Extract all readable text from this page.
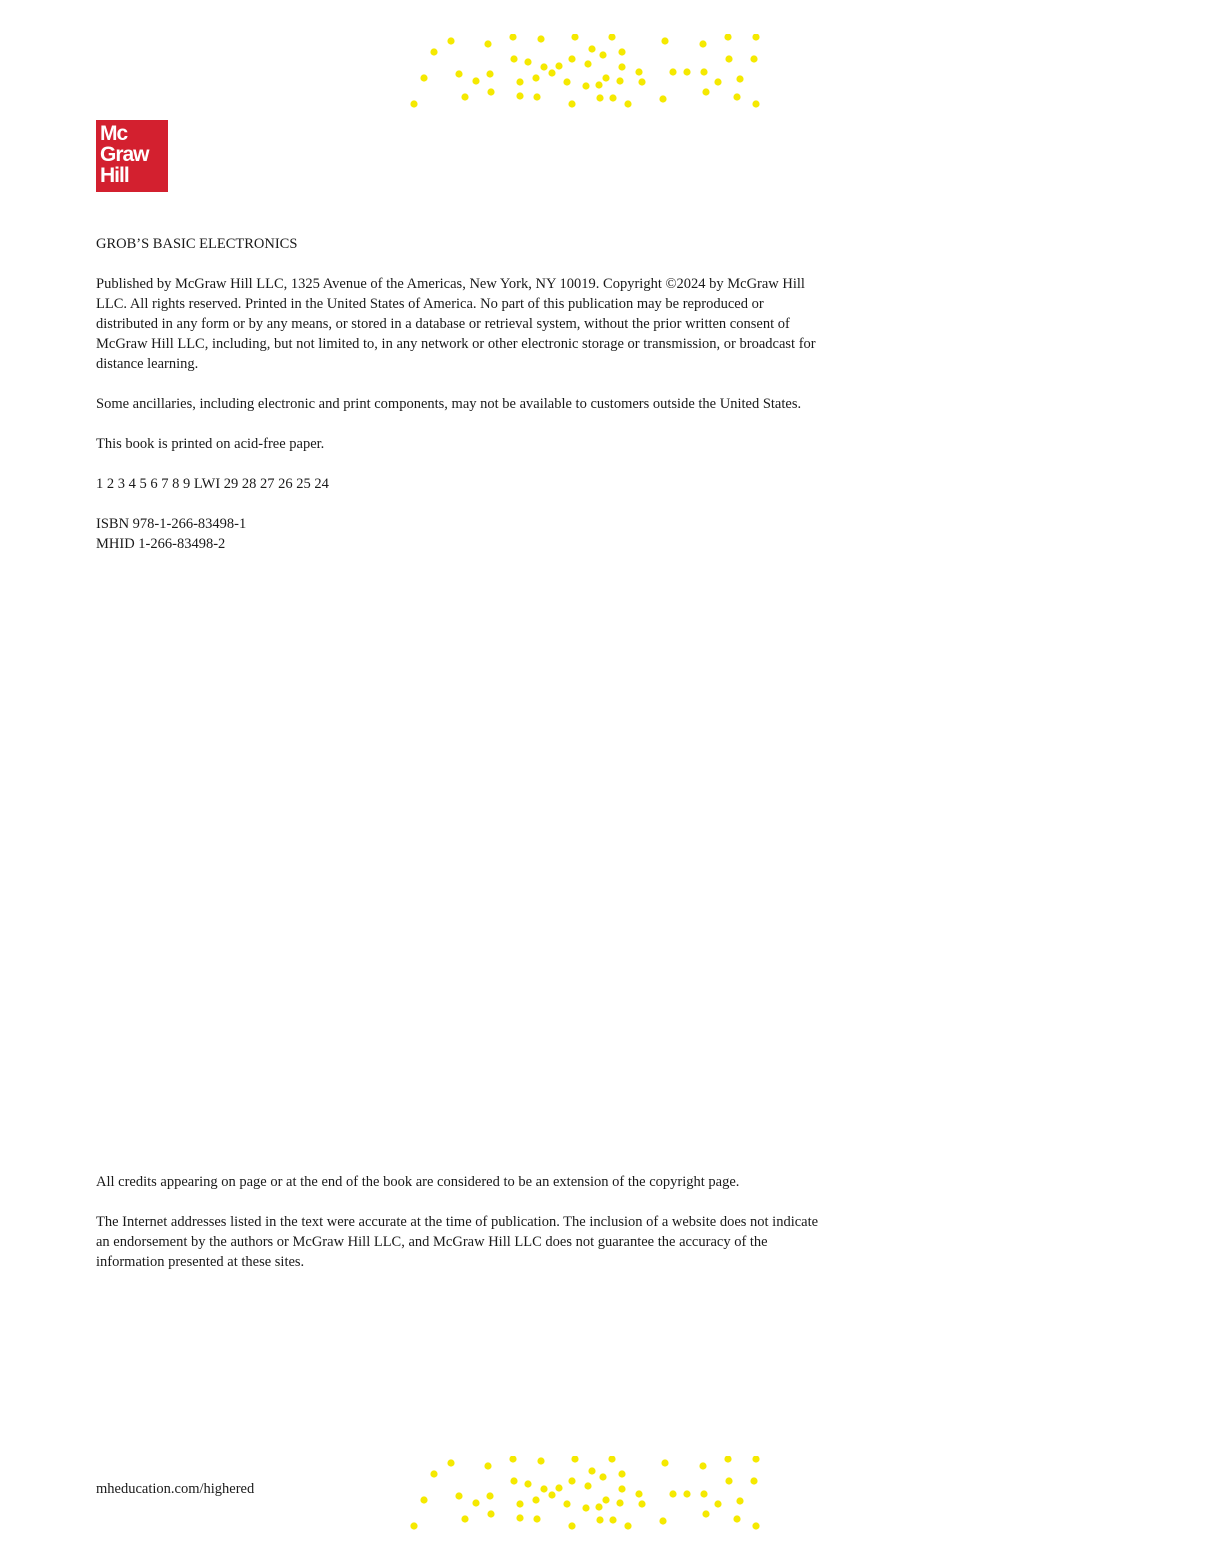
Mc
Graw
Hill

GROB’S BASIC ELECTRONICS

Published by McGraw Hill LLC, 1325 Avenue of the Americas, New York, NY 10019. Copyright ©2024 by McGraw Hill LLC. All rights reserved. Printed in the United States of America. No part of this publication may be reproduced or distributed in any form or by any means, or stored in a database or retrieval system, without the prior written consent of McGraw Hill LLC, including, but not limited to, in any network or other electronic storage or transmission, or broadcast for distance learning.

Some ancillaries, including electronic and print components, may not be available to customers outside the United States.

This book is printed on acid-free paper.

1 2 3 4 5 6 7 8 9 LWI 29 28 27 26 25 24

ISBN 978-1-266-83498-1

MHID 1-266-83498-2

All credits appearing on page or at the end of the book are considered to be an extension of the copyright page.

The Internet addresses listed in the text were accurate at the time of publication. The inclusion of a website does not indicate an endorsement by the authors or McGraw Hill LLC, and McGraw Hill LLC does not guarantee the accuracy of the information presented at these sites.

mheducation.com/highered
